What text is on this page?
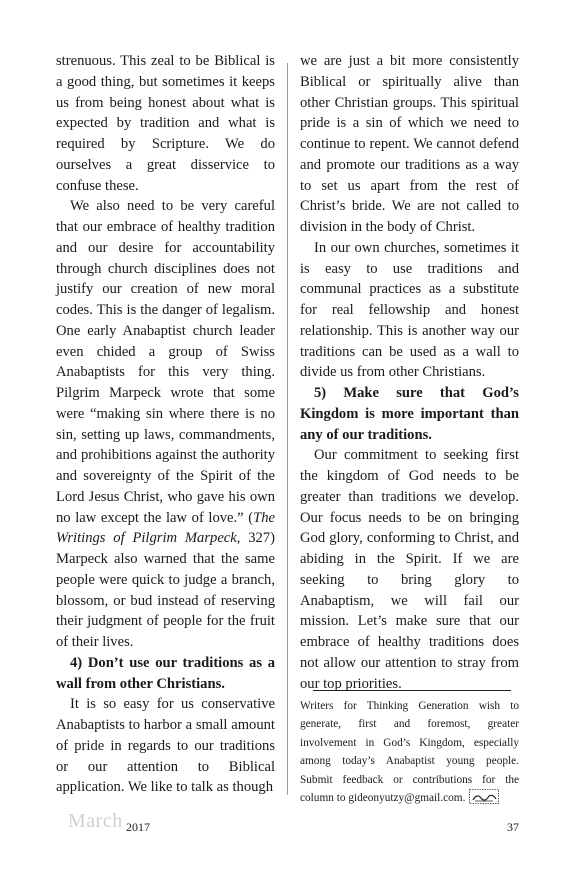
strenuous. This zeal to be Biblical is a good thing, but sometimes it keeps us from being honest about what is expected by tradition and what is required by Scripture. We do ourselves a great disservice to confuse these.

We also need to be very careful that our embrace of healthy tradition and our desire for accountability through church disciplines does not justify our creation of new moral codes. This is the danger of legalism. One early Anabaptist church leader even chided a group of Swiss Anabaptists for this very thing. Pilgrim Marpeck wrote that some were “making sin where there is no sin, setting up laws, commandments, and prohibitions against the authority and sovereignty of the Spirit of the Lord Jesus Christ, who gave his own no law except the law of love.” (The Writings of Pilgrim Marpeck, 327) Marpeck also warned that the same people were quick to judge a branch, blossom, or bud instead of reserving their judgment of people for the fruit of their lives.

4) Don’t use our traditions as a wall from other Christians.

It is so easy for us conservative Anabaptists to harbor a small amount of pride in regards to our traditions or our attention to Biblical application. We like to talk as though

we are just a bit more consistently Biblical or spiritually alive than other Christian groups. This spiritual pride is a sin of which we need to continue to repent. We cannot defend and promote our traditions as a way to set us apart from the rest of Christ’s bride. We are not called to division in the body of Christ.

In our own churches, sometimes it is easy to use traditions and communal practices as a substitute for real fellowship and honest relationship. This is another way our traditions can be used as a wall to divide us from other Christians.

5) Make sure that God’s Kingdom is more important than any of our traditions.

Our commitment to seeking first the kingdom of God needs to be greater than traditions we develop. Our focus needs to be on bringing God glory, conforming to Christ, and abiding in the Spirit. If we are seeking to bring glory to Anabaptism, we will fail our mission. Let’s make sure that our embrace of healthy traditions does not allow our attention to stray from our top priorities.

Writers for Thinking Generation wish to generate, first and foremost, greater involvement in God’s Kingdom, especially among today’s Anabaptist young people. Submit feedback or contributions for the column to gideonyutzy@gmail.com.

March 2017	37
